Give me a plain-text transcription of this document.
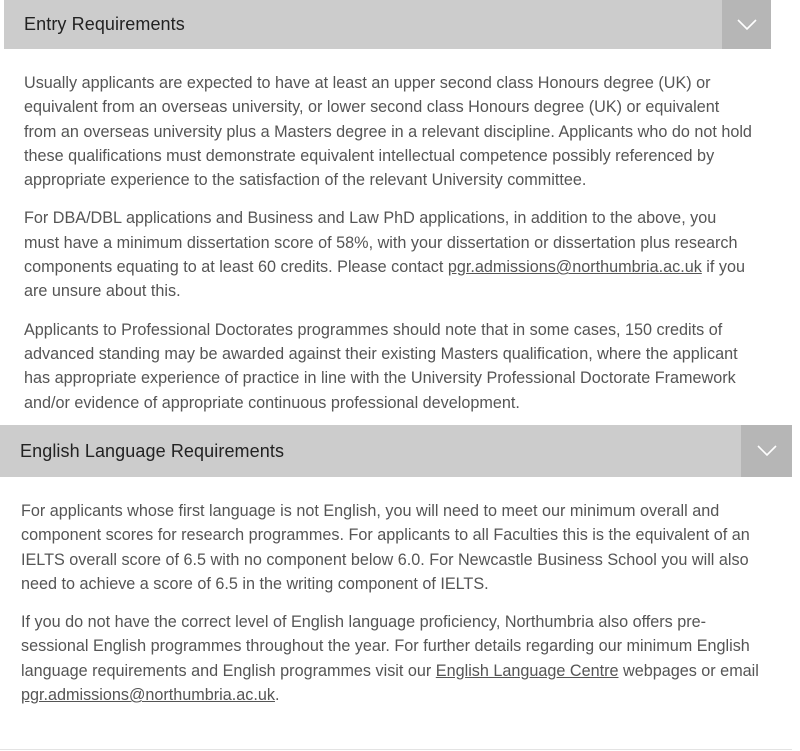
Entry Requirements

Usually applicants are expected to have at least an upper second class Honours degree (UK) or equivalent from an overseas university, or lower second class Honours degree (UK) or equivalent from an overseas university plus a Masters degree in a relevant discipline. Applicants who do not hold these qualifications must demonstrate equivalent intellectual competence possibly referenced by appropriate experience to the satisfaction of the relevant University committee.

For DBA/DBL applications and Business and Law PhD applications, in addition to the above, you must have a minimum dissertation score of 58%, with your dissertation or dissertation plus research components equating to at least 60 credits. Please contact pgr.admissions@northumbria.ac.uk if you are unsure about this.

Applicants to Professional Doctorates programmes should note that in some cases, 150 credits of advanced standing may be awarded against their existing Masters qualification, where the applicant has appropriate experience of practice in line with the University Professional Doctorate Framework and/or evidence of appropriate continuous professional development.

English Language Requirements

For applicants whose first language is not English, you will need to meet our minimum overall and component scores for research programmes. For applicants to all Faculties this is the equivalent of an IELTS overall score of 6.5 with no component below 6.0. For Newcastle Business School you will also need to achieve a score of 6.5 in the writing component of IELTS.

If you do not have the correct level of English language proficiency, Northumbria also offers pre-sessional English programmes throughout the year. For further details regarding our minimum English language requirements and English programmes visit our English Language Centre webpages or email pgr.admissions@northumbria.ac.uk.
